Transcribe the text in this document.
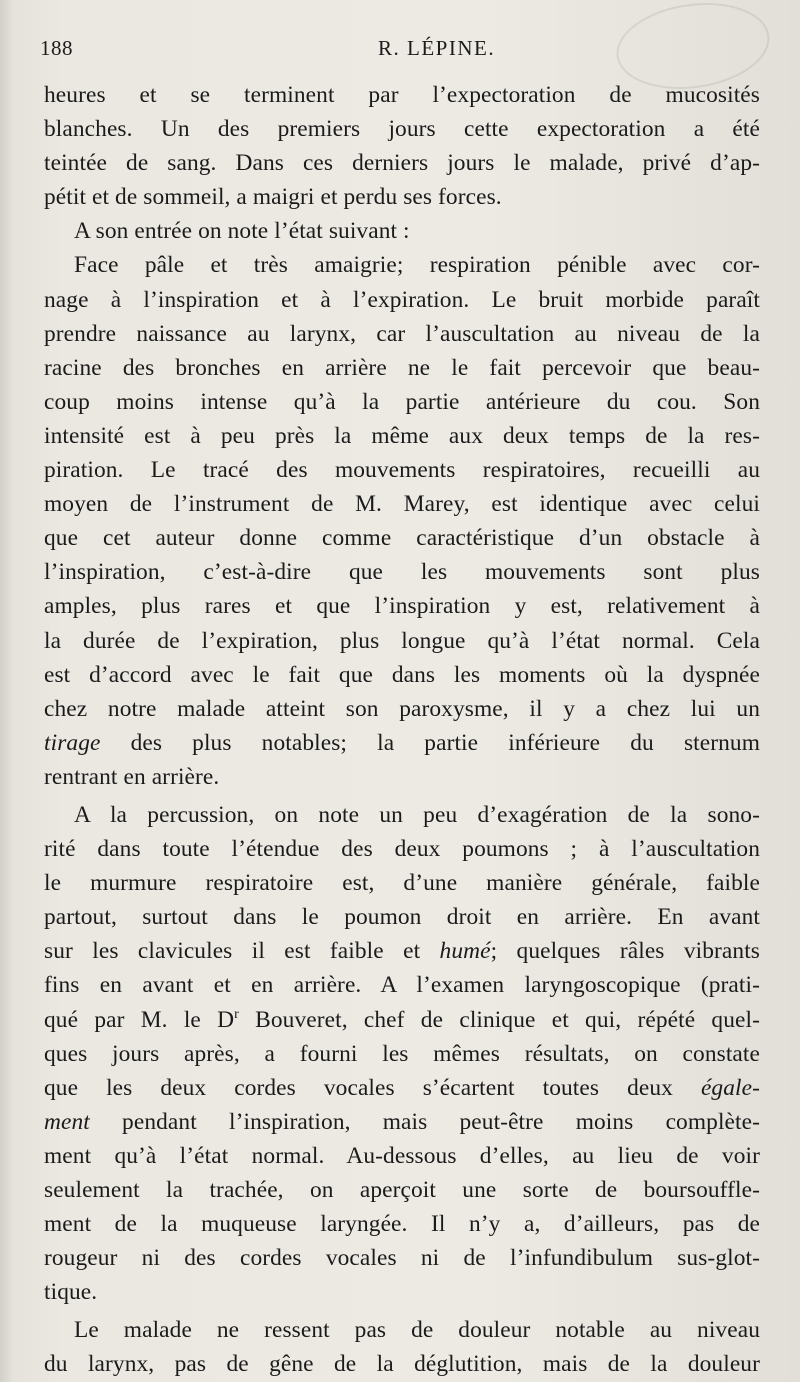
188	R. LÉPINE.
heures et se terminent par l’expectoration de mucosités
blanches. Un des premiers jours cette expectoration a été
teintée de sang. Dans ces derniers jours le malade, privé d’ap-
pétit et de sommeil, a maigri et perdu ses forces.
A son entrée on note l’état suivant :
Face pâle et très amaigrie; respiration pénible avec cor-
nage à l’inspiration et à l’expiration. Le bruit morbide paraît
prendre naissance au larynx, car l’auscultation au niveau de la
racine des bronches en arrière ne le fait percevoir que beau-
coup moins intense qu’à la partie antérieure du cou. Son
intensité est à peu près la même aux deux temps de la res-
piration. Le tracé des mouvements respiratoires, recueilli au
moyen de l’instrument de M. Marey, est identique avec celui
que cet auteur donne comme caractéristique d’un obstacle à
l’inspiration, c’est-à-dire que les mouvements sont plus
amples, plus rares et que l’inspiration y est, relativement à
la durée de l’expiration, plus longue qu’à l’état normal. Cela
est d’accord avec le fait que dans les moments où la dyspnée
chez notre malade atteint son paroxysme, il y a chez lui un
tirage des plus notables; la partie inférieure du sternum
rentrant en arrière.
A la percussion, on note un peu d’exagération de la sono-
rité dans toute l’étendue des deux poumons ; à l’auscultation
le murmure respiratoire est, d’une manière générale, faible
partout, surtout dans le poumon droit en arrière. En avant
sur les clavicules il est faible et humé; quelques râles vibrants
fins en avant et en arrière. A l’examen laryngoscopique (prati-
qué par M. le $D^r$ Bouveret, chef de clinique et qui, répété quel-
ques jours après, a fourni les mêmes résultats, on constate
que les deux cordes vocales s’écartent toutes deux égale-
ment pendant l’inspiration, mais peut-être moins complète-
ment qu’à l’état normal. Au-dessous d’elles, au lieu de voir
seulement la trachée, on aperçoit une sorte de boursouffle-
ment de la muqueuse laryngée. Il n’y a, d’ailleurs, pas de
rougeur ni des cordes vocales ni de l’infundibulum sus-glot-
tique.
Le malade ne ressent pas de douleur notable au niveau
du larynx, pas de gêne de la déglutition, mais de la douleur
